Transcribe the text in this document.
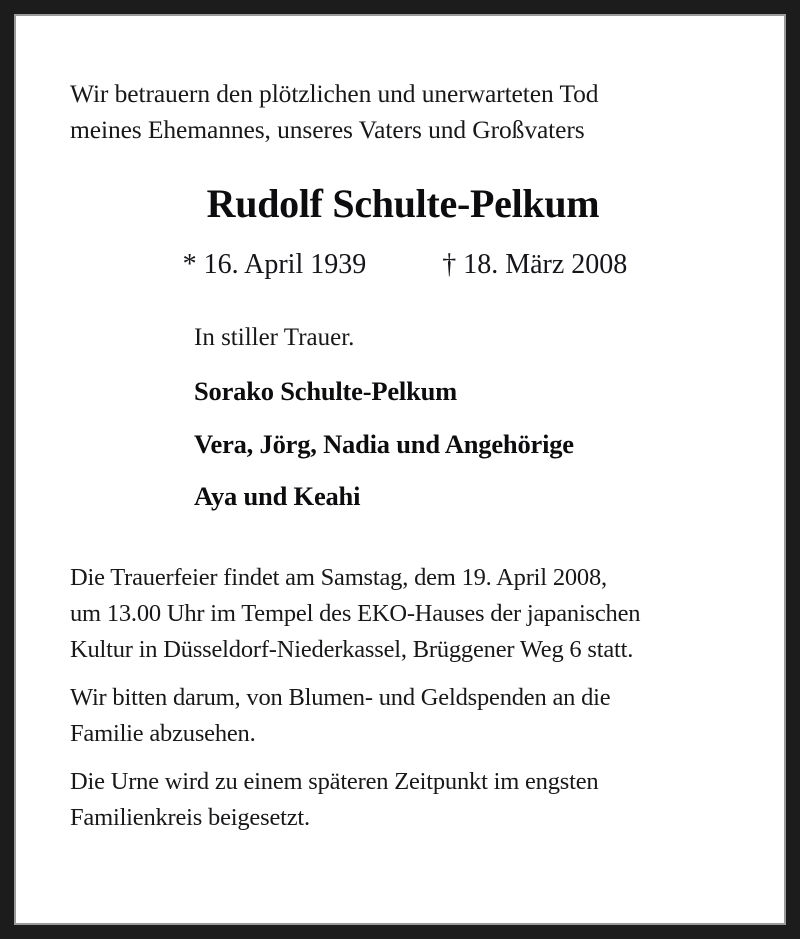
Wir betrauern den plötzlichen und unerwarteten Tod
meines Ehemannes, unseres Vaters und Großvaters

Rudolf Schulte-Pelkum

* 16. April 1939	† 18. März 2008

In stiller Trauer.

Sorako Schulte-Pelkum
Vera, Jörg, Nadia und Angehörige
Aya und Keahi

Die Trauerfeier findet am Samstag, dem 19. April 2008,
um 13.00 Uhr im Tempel des EKO-Hauses der japanischen
Kultur in Düsseldorf-Niederkassel, Brüggener Weg 6 statt.

Wir bitten darum, von Blumen- und Geldspenden an die
Familie abzusehen.

Die Urne wird zu einem späteren Zeitpunkt im engsten
Familienkreis beigesetzt.
